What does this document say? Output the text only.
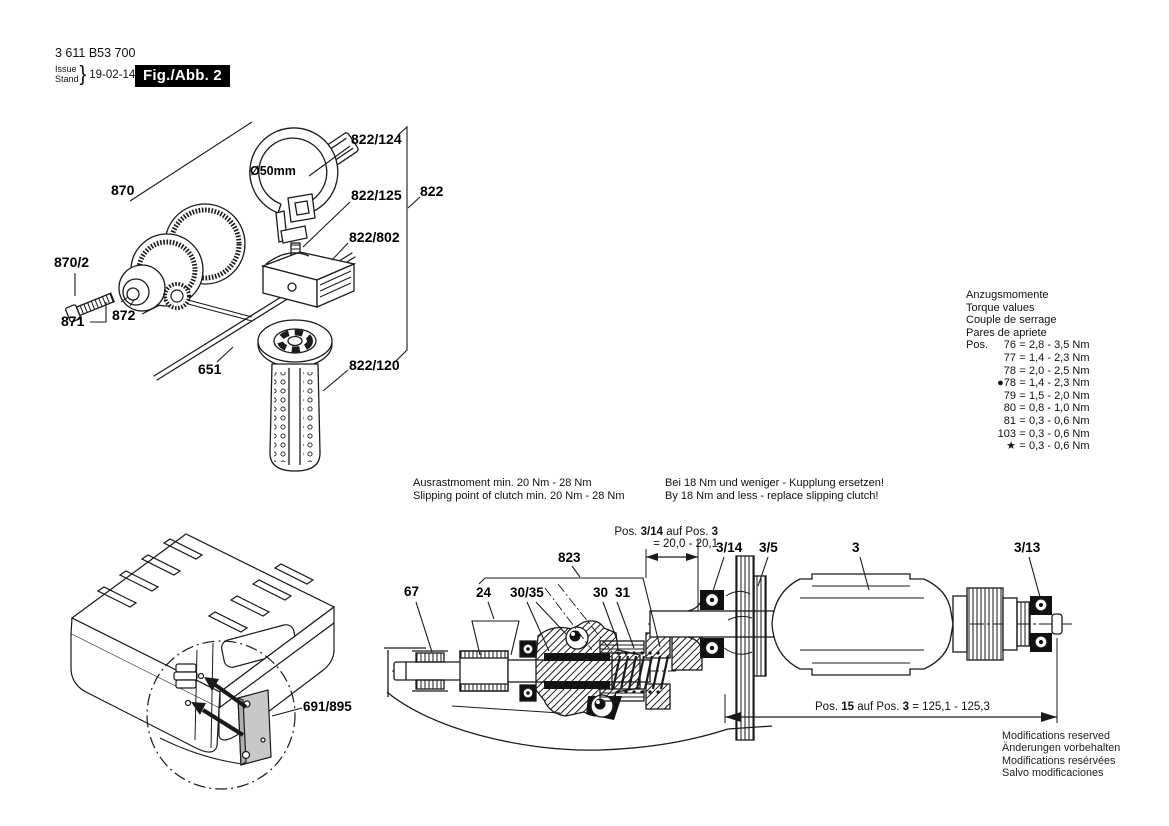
3 611 B53 700
Issue
Stand } 19-02-14 Fig./Abb. 2
870
870/2
871 872
651
Ø50mm
822/124
822/125
822/802
822
822/120
Anzugsmomente
Torque values
Couple de serrage
Pares de apriete
Pos.	76 = 2,8 - 3,5 Nm
77 = 1,4 - 2,3 Nm
78 = 2,0 - 2,5 Nm
●78 = 1,4 - 2,3 Nm
79 = 1,5 - 2,0 Nm
80 = 0,8 - 1,0 Nm
81 = 0,3 - 0,6 Nm
103 = 0,3 - 0,6 Nm
★ = 0,3 - 0,6 Nm
Ausrastmoment min. 20 Nm - 28 Nm
Slipping point of clutch min. 20 Nm - 28 Nm
Bei 18 Nm und weniger - Kupplung ersetzen!
By 18 Nm and less - replace slipping clutch!
67	24 30/35
823
30 31
3/14 3/5	3	3/13
Pos. 3/14 auf Pos. 3
= 20,0 - 20,1
Pos. 15 auf Pos. 3 = 125,1 - 125,3
691/895
Modifications reserved
Änderungen vorbehalten
Modifications resérvées
Salvo modificaciones
